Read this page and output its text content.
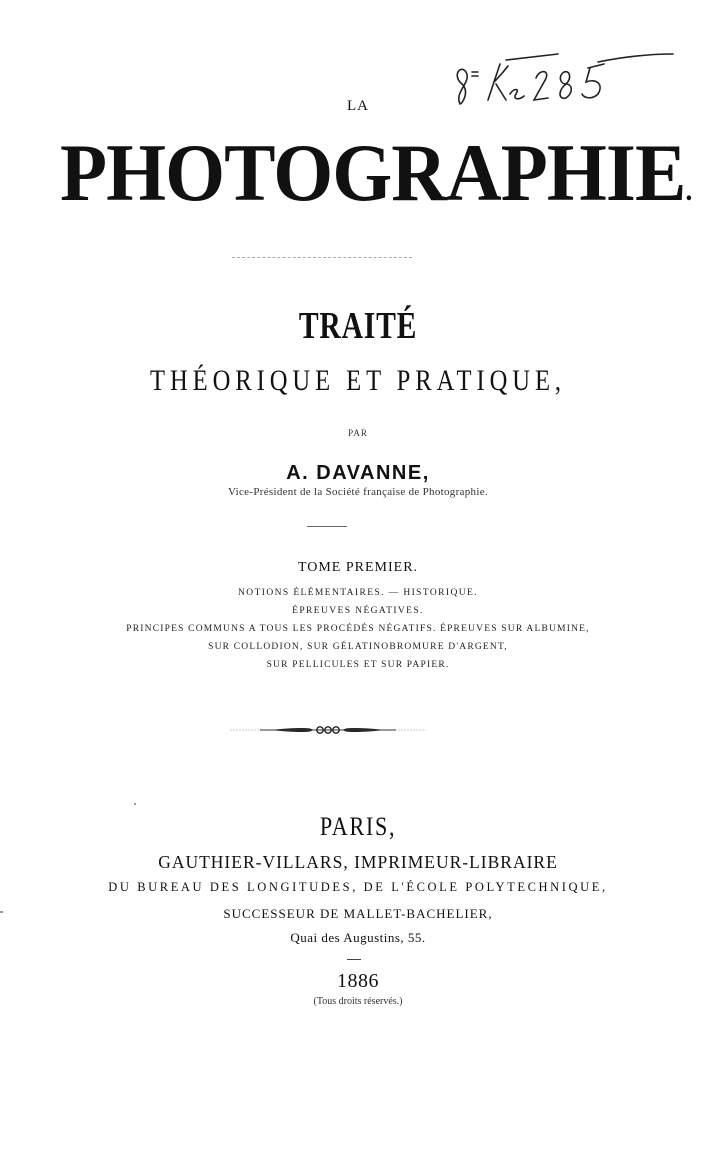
LA
PHOTOGRAPHIE.
TRAITÉ
THÉORIQUE ET PRATIQUE,
PAR
A. DAVANNE,
Vice-Président de la Société française de Photographie.
TOME PREMIER.
NOTIONS ÉLÉMENTAIRES. — HISTORIQUE.
ÉPREUVES NÉGATIVES.
PRINCIPES COMMUNS A TOUS LES PROCÉDÉS NÉGATIFS. ÉPREUVES SUR ALBUMINE,
SUR COLLODION, SUR GÉLATINOBROMURE D'ARGENT,
SUR PELLICULES ET SUR PAPIER.
PARIS,
GAUTHIER-VILLARS, IMPRIMEUR-LIBRAIRE
DU BUREAU DES LONGITUDES, DE L'ÉCOLE POLYTECHNIQUE,
SUCCESSEUR DE MALLET-BACHELIER,
Quai des Augustins, 55.
1886
(Tous droits réservés.)
